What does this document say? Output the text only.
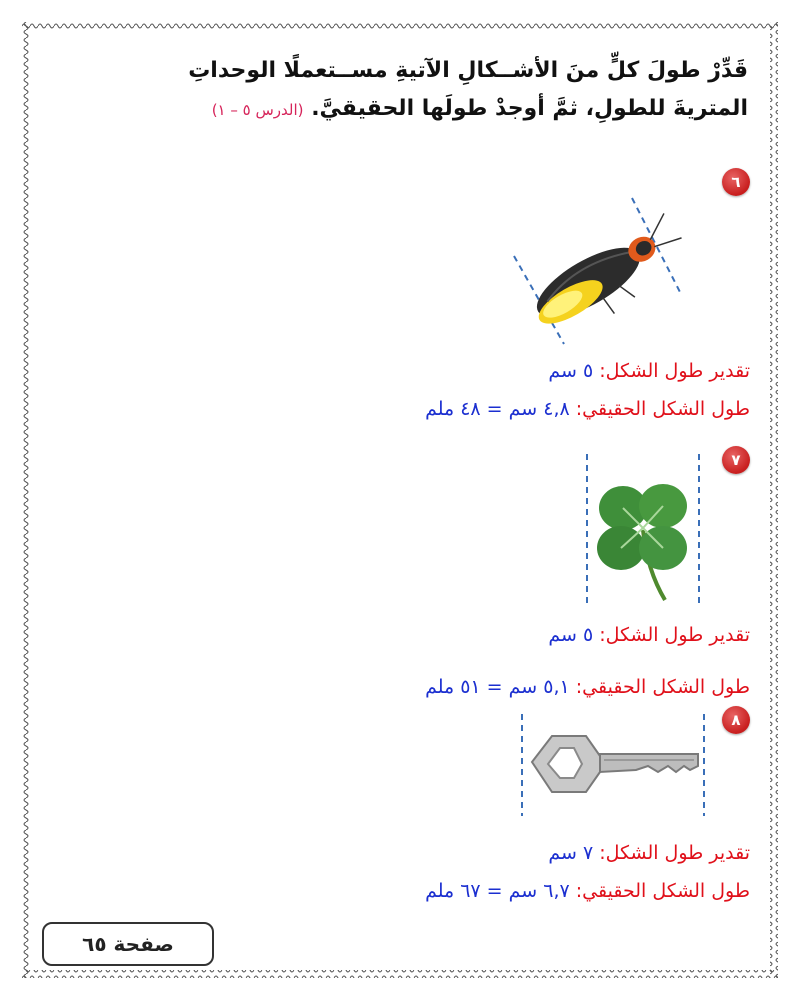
قَدِّرْ طولَ كلٍّ منَ الأشــكالِ الآتيةِ مســتعملًا الوحداتِ
المتريةَ للطولِ، ثمَّ أوجدْ طولَها الحقيقيَّ. (الدرس ٥ – ١)
٦
تقدير طول الشكل: ٥ سم
طول الشكل الحقيقي: ٤,٨ سم = ٤٨ ملم
٧
تقدير طول الشكل: ٥ سم
طول الشكل الحقيقي: ٥,١ سم = ٥١ ملم
٨
تقدير طول الشكل: ٧ سم
طول الشكل الحقيقي: ٦,٧ سم = ٦٧ ملم
صفحة ٦٥
